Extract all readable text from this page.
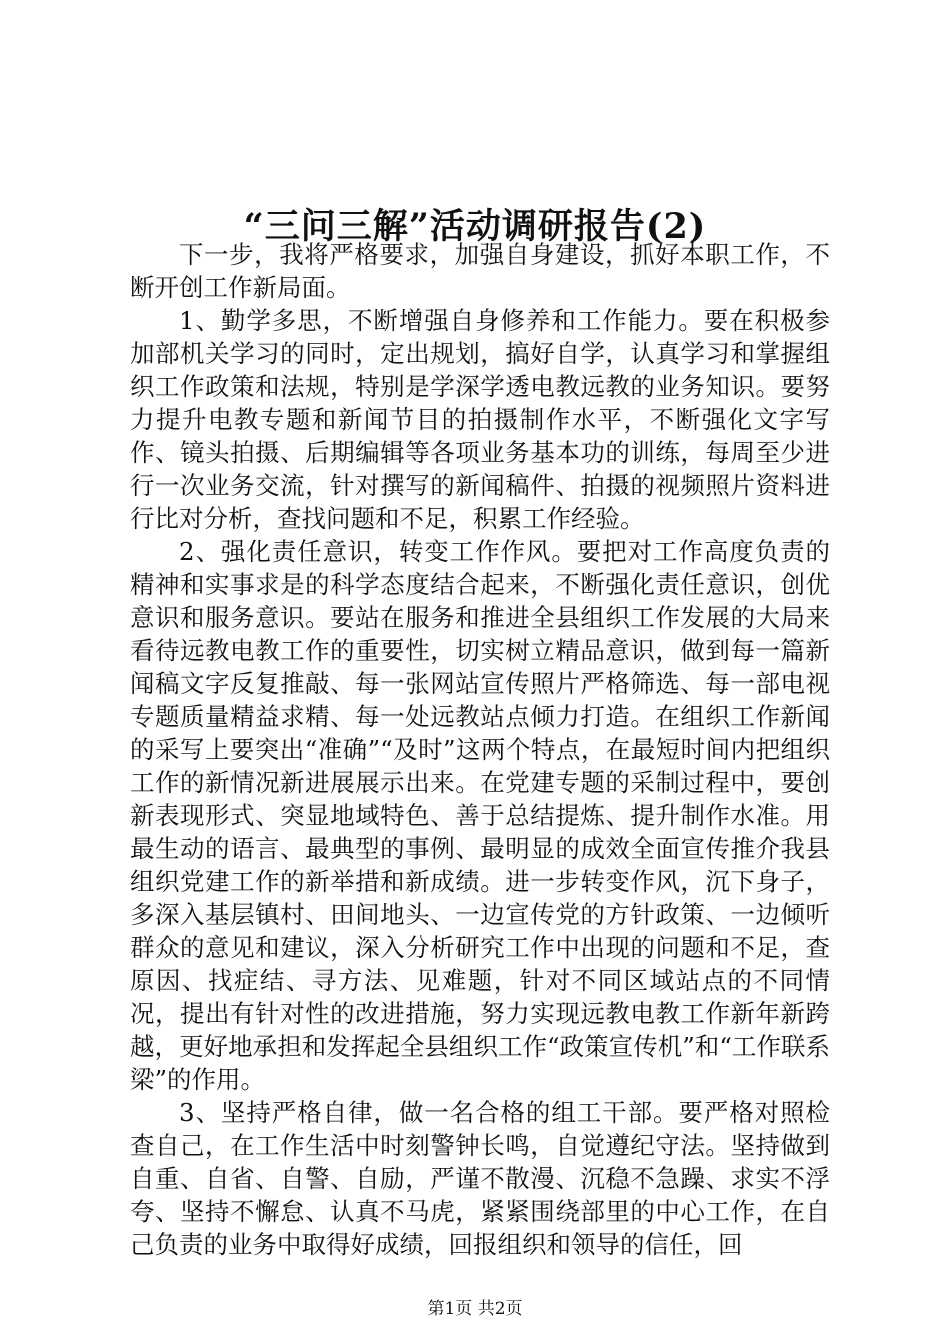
“三问三解”活动调研报告(2)

下一步，我将严格要求，加强自身建设，抓好本职工作，不断开创工作新局面。

1、勤学多思，不断增强自身修养和工作能力。要在积极参加部机关学习的同时，定出规划，搞好自学，认真学习和掌握组织工作政策和法规，特别是学深学透电教远教的业务知识。要努力提升电教专题和新闻节目的拍摄制作水平，不断强化文字写作、镜头拍摄、后期编辑等各项业务基本功的训练，每周至少进行一次业务交流，针对撰写的新闻稿件、拍摄的视频照片资料进行比对分析，查找问题和不足，积累工作经验。

2、强化责任意识，转变工作作风。要把对工作高度负责的精神和实事求是的科学态度结合起来，不断强化责任意识，创优意识和服务意识。要站在服务和推进全县组织工作发展的大局来看待远教电教工作的重要性，切实树立精品意识，做到每一篇新闻稿文字反复推敲、每一张网站宣传照片严格筛选、每一部电视专题质量精益求精、每一处远教站点倾力打造。在组织工作新闻的采写上要突出“准确”“及时”这两个特点，在最短时间内把组织工作的新情况新进展展示出来。在党建专题的采制过程中，要创新表现形式、突显地域特色、善于总结提炼、提升制作水准。用最生动的语言、最典型的事例、最明显的成效全面宣传推介我县组织党建工作的新举措和新成绩。进一步转变作风，沉下身子，多深入基层镇村、田间地头、一边宣传党的方针政策、一边倾听群众的意见和建议，深入分析研究工作中出现的问题和不足，查原因、找症结、寻方法、见难题，针对不同区域站点的不同情况，提出有针对性的改进措施，努力实现远教电教工作新年新跨越，更好地承担和发挥起全县组织工作“政策宣传机”和“工作联系梁”的作用。

3、坚持严格自律，做一名合格的组工干部。要严格对照检查自己，在工作生活中时刻警钟长鸣，自觉遵纪守法。坚持做到自重、自省、自警、自励，严谨不散漫、沉稳不急躁、求实不浮夸、坚持不懈怠、认真不马虎，紧紧围绕部里的中心工作，在自己负责的业务中取得好成绩，回报组织和领导的信任，回

第1页 共2页
